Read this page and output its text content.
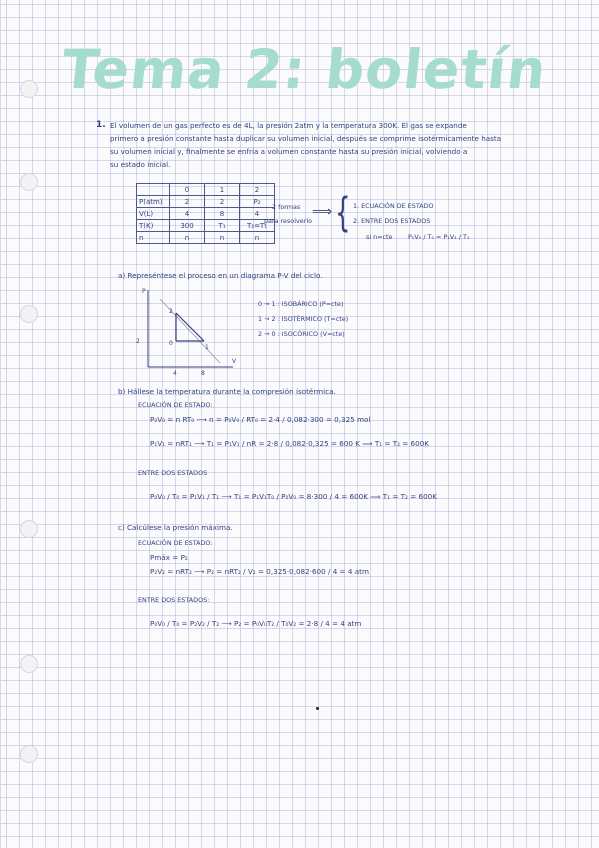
Tema 2: boletín
1. El volumen de un gas perfecto es de 4L, la presión 2atm y la temperatura 300K. El gas se expande
primero a presión constante hasta duplicar su volumen inicial, después se comprime isotérmicamente hasta
su volumen inicial y, finalmente se enfría a volumen constante hasta su presión inicial, volviendo a
su estado inicial.
	0	1	2
P(atm)	2	2	P₂
V(L)	4	8	4
T(K)	300	T₁	T₂=T₁
n	n	n	n
2 formas
para resolverlo
⟹ { 1. ECUACIÓN DE ESTADO
2. ENTRE DOS ESTADOS
si n=cte P₀V₀ / T₀ = P₁V₁ / T₁
a) Represéntese el proceso en un diagrama P-V del ciclo.
P
V
2
4	8
0
1
2
0 → 1 : ISOBÁRICO (P=cte)
1 → 2 : ISOTÉRMICO (T=cte)
2 → 0 : ISOCÓRICO (V=cte)
b) Hállese la temperatura durante la compresión isotérmica.
ECUACIÓN DE ESTADO:
P₀V₀ = n RT₀ ⟶ n = P₀V₀ / RT₀ = 2·4 / 0,082·300 = 0,325 mol
P₁V₁ = nRT₁ ⟶ T₁ = P₁V₁ / nR = 2·8 / 0,082·0,325 = 600 K ⟹ T₁ = T₂ = 600K
ENTRE DOS ESTADOS
P₀V₀ / T₀ = P₁V₁ / T₁ ⟶ T₁ = P₁V₁T₀ / P₀V₀ = 8·300 / 4 = 600K ⟹ T₁ = T₂ = 600K
c) Calcúlese la presión máxima.
ECUACIÓN DE ESTADO:
Pmáx = P₂
P₂V₂ = nRT₂ ⟶ P₂ = nRT₂ / V₂ = 0,325·0,082·600 / 4 = 4 atm
ENTRE DOS ESTADOS:
P₀V₀ / T₀ = P₂V₂ / T₂ ⟶ P₂ = P₀V₀T₂ / T₀V₂ = 2·8 / 4 = 4 atm
